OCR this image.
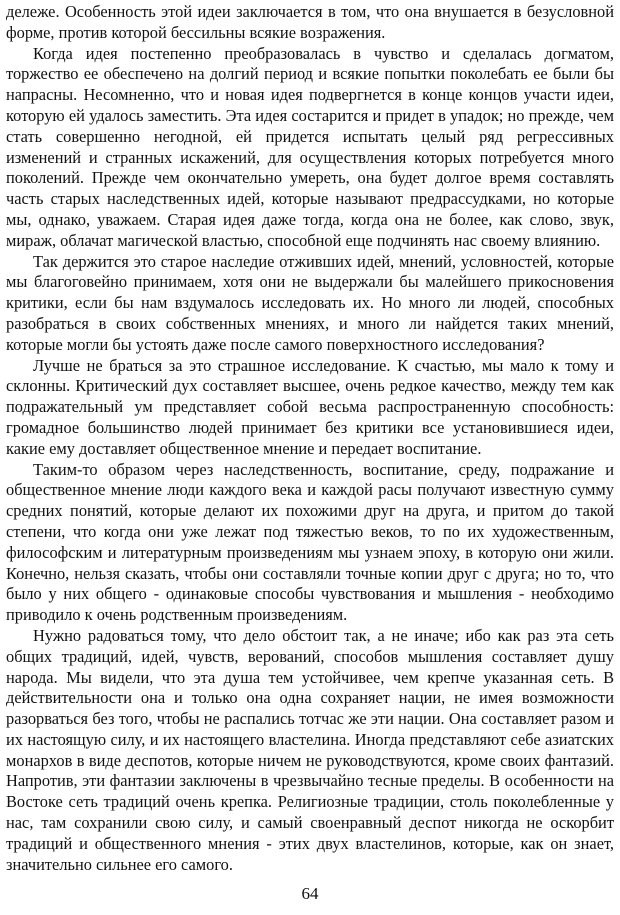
дележе. Особенность этой идеи заключается в том, что она внушается в безусловной форме, против которой бессильны всякие возражения.

Когда идея постепенно преобразовалась в чувство и сделалась догматом, торжество ее обеспечено на долгий период и всякие попытки поколебать ее были бы напрасны. Несомненно, что и новая идея подвергнется в конце концов участи идеи, которую ей удалось заместить. Эта идея состарится и придет в упадок; но прежде, чем стать совершенно негодной, ей придется испытать целый ряд регрессивных изменений и странных искажений, для осуществления которых потребуется много поколений. Прежде чем окончательно умереть, она будет долгое время составлять часть старых наследственных идей, которые называют предрассудками, но которые мы, однако, уважаем. Старая идея даже тогда, когда она не более, как слово, звук, мираж, облачат магической властью, способной еще подчинять нас своему влиянию.

Так держится это старое наследие отживших идей, мнений, условностей, которые мы благоговейно принимаем, хотя они не выдержали бы малейшего прикосновения критики, если бы нам вздумалось исследовать их. Но много ли людей, способных разобраться в своих собственных мнениях, и много ли найдется таких мнений, которые могли бы устоять даже после самого поверхностного исследования?

Лучше не браться за это страшное исследование. К счастью, мы мало к тому и склонны. Критический дух составляет высшее, очень редкое качество, между тем как подражательный ум представляет собой весьма распространенную способность: громадное большинство людей принимает без критики все установившиеся идеи, какие ему доставляет общественное мнение и передает воспитание.

Таким-то образом через наследственность, воспитание, среду, подражание и общественное мнение люди каждого века и каждой расы получают известную сумму средних понятий, которые делают их похожими друг на друга, и притом до такой степени, что когда они уже лежат под тяжестью веков, то по их художественным, философским и литературным произведениям мы узнаем эпоху, в которую они жили. Конечно, нельзя сказать, чтобы они составляли точные копии друг с друга; но то, что было у них общего - одинаковые способы чувствования и мышления - необходимо приводило к очень родственным произведениям.

Нужно радоваться тому, что дело обстоит так, а не иначе; ибо как раз эта сеть общих традиций, идей, чувств, верований, способов мышления составляет душу народа. Мы видели, что эта душа тем устойчивее, чем крепче указанная сеть. В действительности она и только она одна сохраняет нации, не имея возможности разорваться без того, чтобы не распались тотчас же эти нации. Она составляет разом и их настоящую силу, и их настоящего властелина. Иногда представляют себе азиатских монархов в виде деспотов, которые ничем не руководствуются, кроме своих фантазий. Напротив, эти фантазии заключены в чрезвычайно тесные пределы. В особенности на Востоке сеть традиций очень крепка. Религиозные традиции, столь поколебленные у нас, там сохранили свою силу, и самый своенравный деспот никогда не оскорбит традиций и общественного мнения - этих двух властелинов, которые, как он знает, значительно сильнее его самого.

64
